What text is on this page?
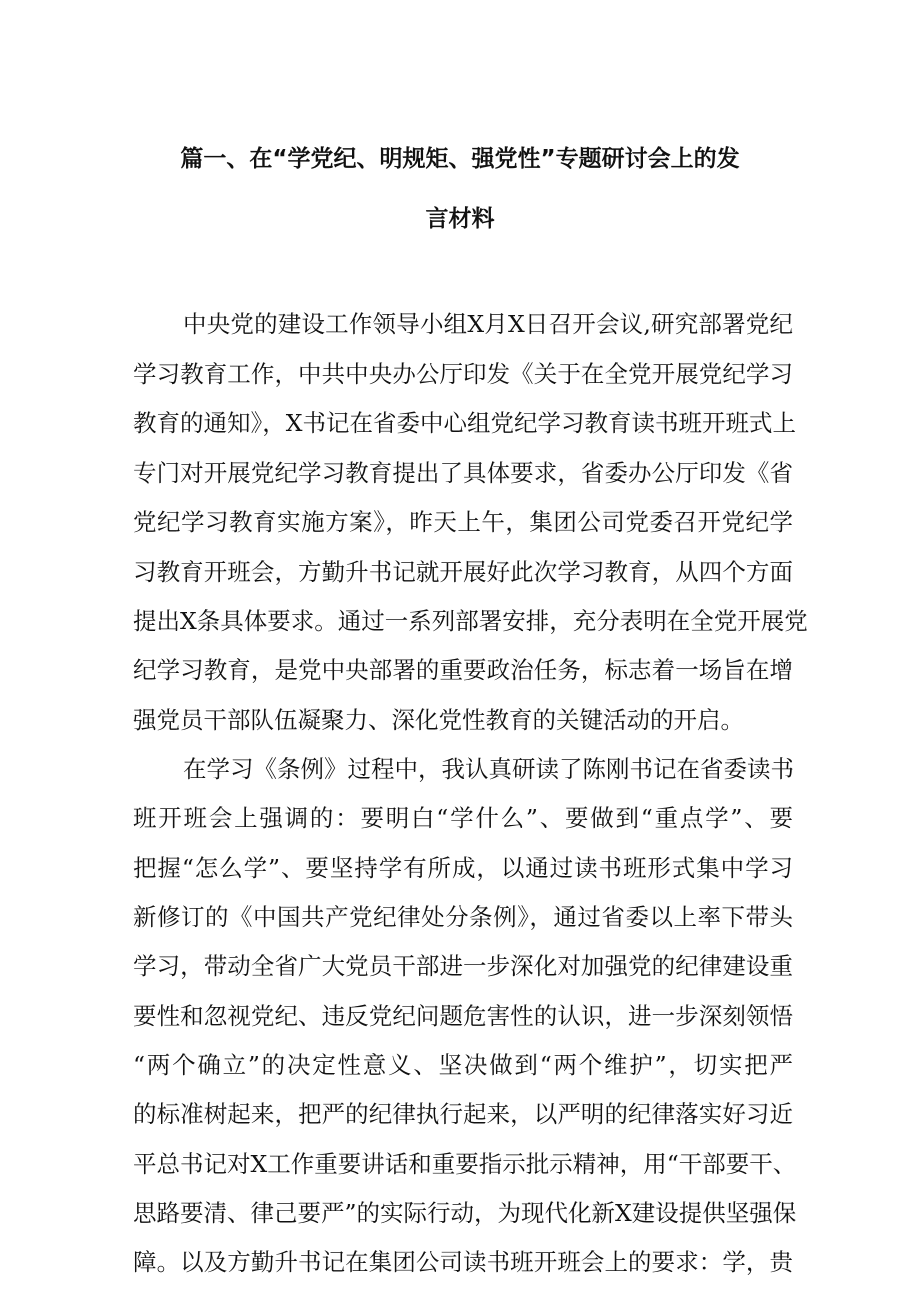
篇一、在“学党纪、明规矩、强党性”专题研讨会上的发
言材料
中央党的建设工作领导小组X月X日召开会议,研究部署党纪
学习教育工作，中共中央办公厅印发《关于在全党开展党纪学习
教育的通知》，X书记在省委中心组党纪学习教育读书班开班式上
专门对开展党纪学习教育提出了具体要求，省委办公厅印发《省
党纪学习教育实施方案》，昨天上午，集团公司党委召开党纪学
习教育开班会，方勤升书记就开展好此次学习教育，从四个方面
提出X条具体要求。通过一系列部署安排，充分表明在全党开展党
纪学习教育，是党中央部署的重要政治任务，标志着一场旨在增
强党员干部队伍凝聚力、深化党性教育的关键活动的开启。
在学习《条例》过程中，我认真研读了陈刚书记在省委读书
班开班会上强调的：要明白“学什么”、要做到“重点学”、要
把握“怎么学”、要坚持学有所成，以通过读书班形式集中学习
新修订的《中国共产党纪律处分条例》，通过省委以上率下带头
学习，带动全省广大党员干部进一步深化对加强党的纪律建设重
要性和忽视党纪、违反党纪问题危害性的认识，进一步深刻领悟
“两个确立”的决定性意义、坚决做到“两个维护”，切实把严
的标准树起来，把严的纪律执行起来，以严明的纪律落实好习近
平总书记对X工作重要讲话和重要指示批示精神，用“干部要干、
思路要清、律己要严”的实际行动，为现代化新X建设提供坚强保
障。以及方勤升书记在集团公司读书班开班会上的要求：学，贵
